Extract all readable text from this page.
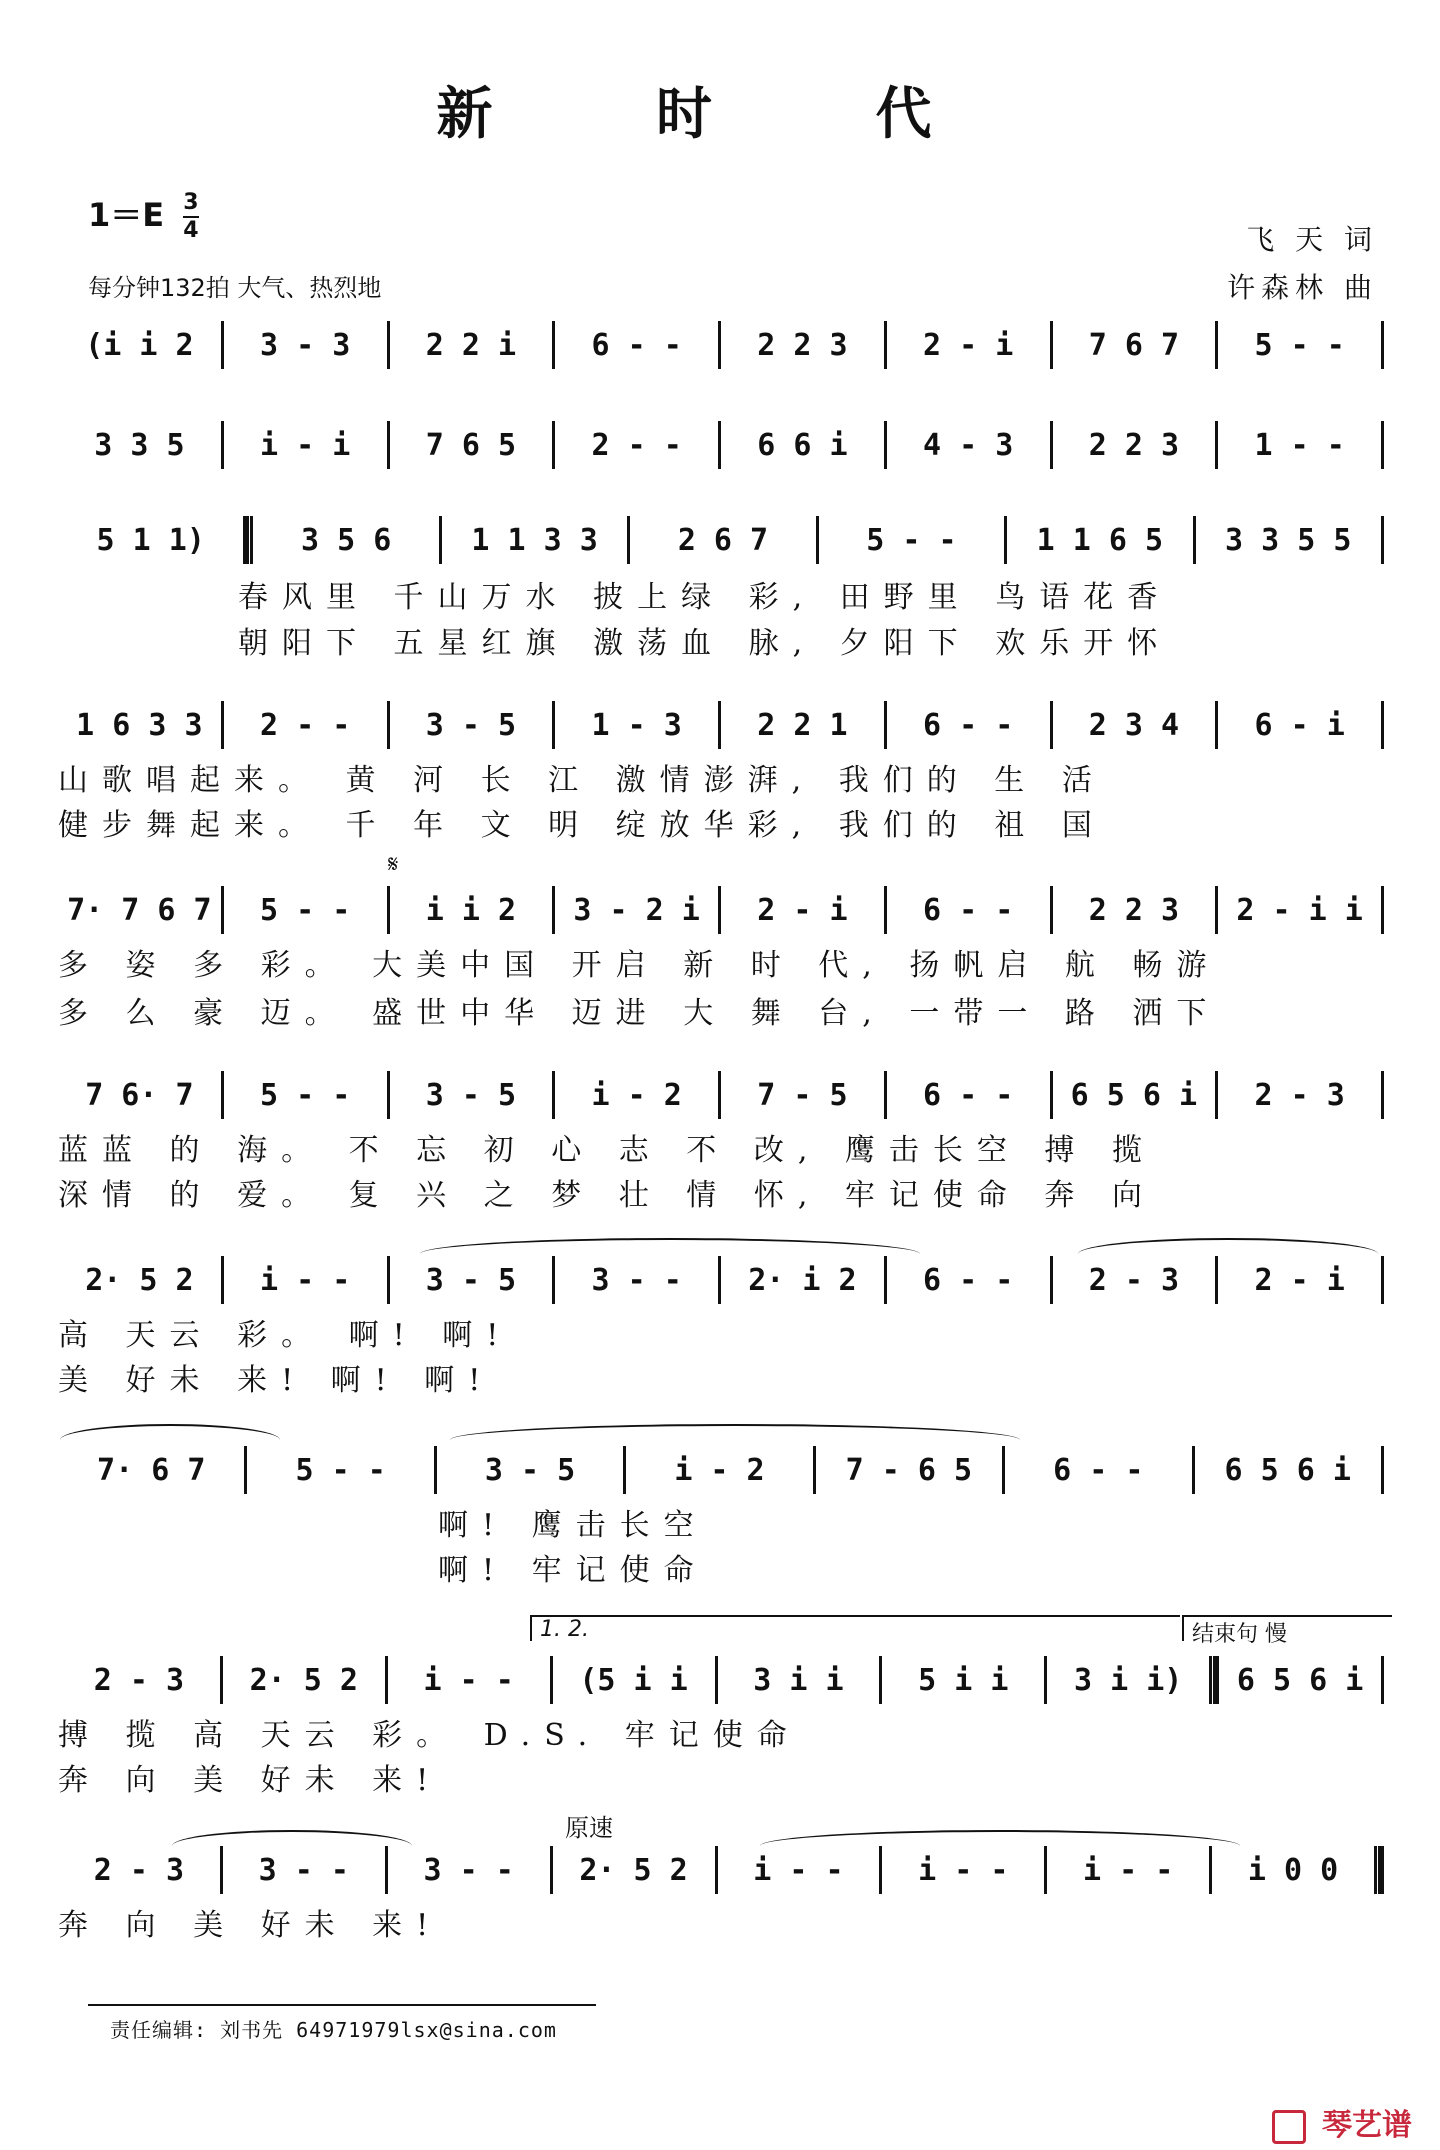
新 时 代
$1=E \frac{3}{4}$
每分钟132拍 大气、热烈地
飞 天 词
许森林 曲
(i i 2	3 - 3	2 2 i	6 - -	2 2 3	2 - i	7 6 7	5 - -
3 3 5	i - i	7 6 5	2 - -	6 6 i	4 - 3	2 2 3	1 - -
5 1 1)	3 5 6	1 1 3 3	2 6 7	5 - -	1 1 6 5	3 3 5 5
春风里 千山万水 披上绿 彩, 田野里 鸟语花香
朝阳下 五星红旗 激荡血 脉, 夕阳下 欢乐开怀
1 6 3 3	2 - -	3 - 5	1 - 3	2 2 1	6 - -	2 3 4	6 - i
山歌唱起来。 黄 河 长 江 激情澎湃, 我们的 生 活
健步舞起来。 千 年 文 明 绽放华彩, 我们的 祖 国
𝄋
7· 7 6 7	5 - -	i i 2	3 - 2 i	2 - i	6 - -	2 2 3	2 - i i
多 姿 多 彩。 大美中国 开启 新 时 代, 扬帆启 航 畅游
多 么 豪 迈。 盛世中华 迈进 大 舞 台, 一带一 路 洒下
7 6· 7	5 - -	3 - 5	i - 2	7 - 5	6 - -	6 5 6 i	2 - 3
蓝蓝 的 海。 不 忘 初 心 志 不 改, 鹰击长空 搏 揽
深情 的 爱。 复 兴 之 梦 壮 情 怀, 牢记使命 奔 向
2· 5 2	i - -	3 - 5	3 - -	2· i 2	6 - -	2 - 3	2 - i
高 天云 彩。 啊! 啊!
美 好未 来! 啊! 啊!
7· 6 7	5 - -	3 - 5	i - 2	7 - 6 5	6 - -	6 5 6 i
啊! 鹰击长空
啊! 牢记使命
1. 2.	结束句 慢
2 - 3	2· 5 2	i - -	(5 i i	3 i i	5 i i	3 i i)	6 5 6 i
搏 揽 高 天云 彩。 D.S. 牢记使命
奔 向 美 好未 来!
原速
2 - 3	3 - -	3 - -	2· 5 2	i - -	i - -	i - -	i 0 0
奔 向 美 好未 来!
责任编辑: 刘书先 64971979lsx@sina.com
琴艺谱
